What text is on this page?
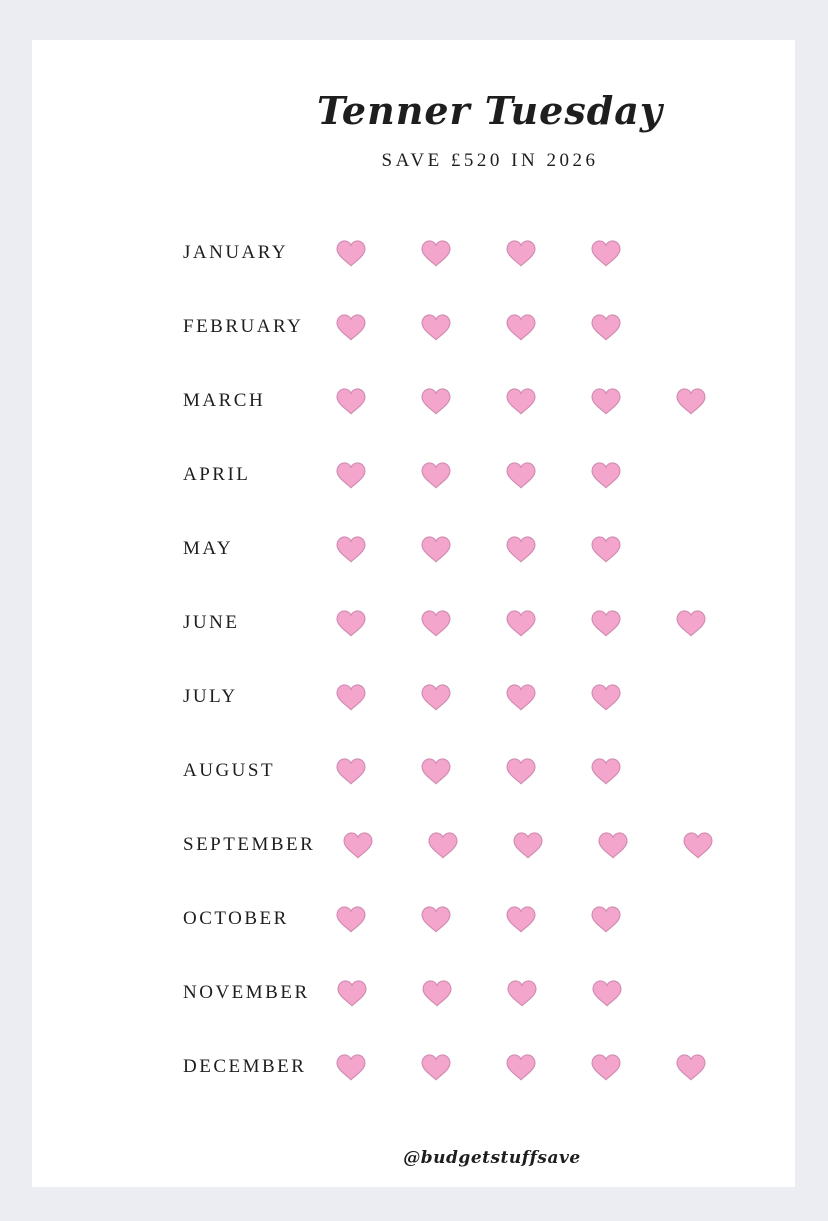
Tenner Tuesday
SAVE £520 IN 2026
JANUARY
FEBRUARY
MARCH
APRIL
MAY
JUNE
JULY
AUGUST
SEPTEMBER
OCTOBER
NOVEMBER
DECEMBER
@budgetstuffsave
